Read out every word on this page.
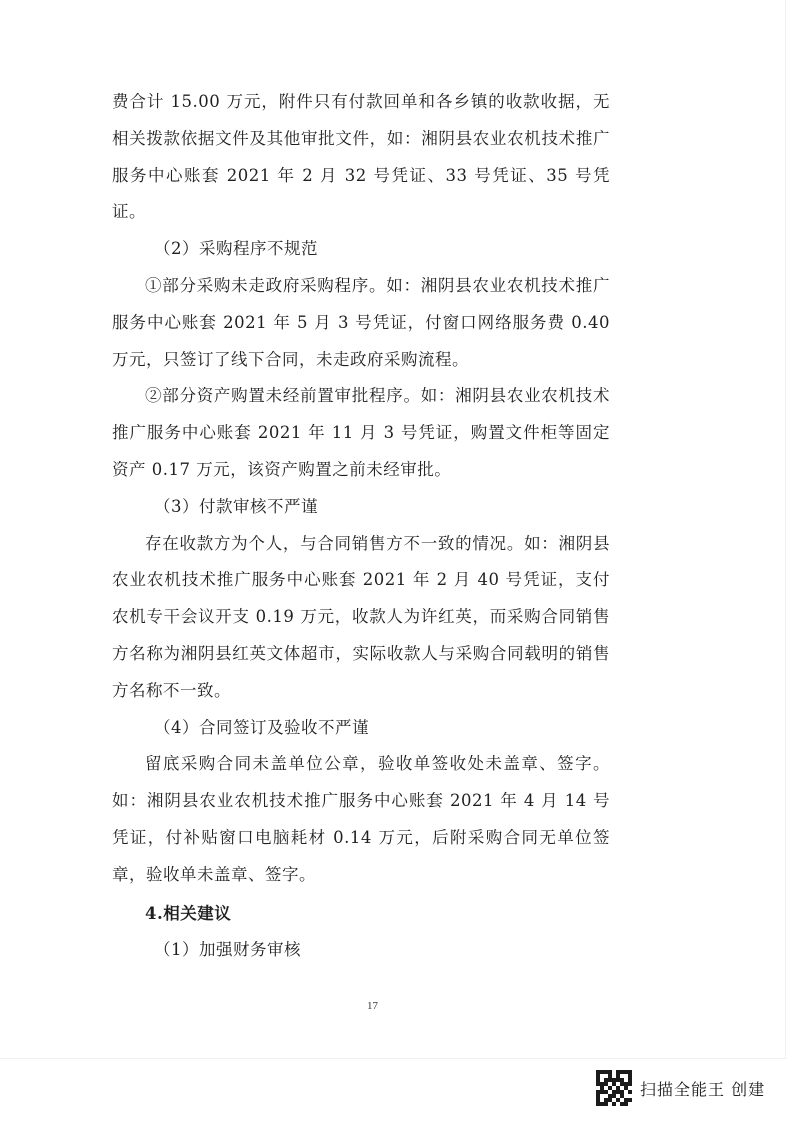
费合计 15.00 万元，附件只有付款回单和各乡镇的收款收据，无相关拨款依据文件及其他审批文件，如：湘阴县农业农机技术推广服务中心账套 2021 年 2 月 32 号凭证、33 号凭证、35 号凭证。

（2）采购程序不规范

①部分采购未走政府采购程序。如：湘阴县农业农机技术推广服务中心账套 2021 年 5 月 3 号凭证，付窗口网络服务费 0.40 万元，只签订了线下合同，未走政府采购流程。

②部分资产购置未经前置审批程序。如：湘阴县农业农机技术推广服务中心账套 2021 年 11 月 3 号凭证，购置文件柜等固定资产 0.17 万元，该资产购置之前未经审批。

（3）付款审核不严谨

存在收款方为个人，与合同销售方不一致的情况。如：湘阴县农业农机技术推广服务中心账套 2021 年 2 月 40 号凭证，支付农机专干会议开支 0.19 万元，收款人为许红英，而采购合同销售方名称为湘阴县红英文体超市，实际收款人与采购合同载明的销售方名称不一致。

（4）合同签订及验收不严谨

留底采购合同未盖单位公章，验收单签收处未盖章、签字。如：湘阴县农业农机技术推广服务中心账套 2021 年 4 月 14 号凭证，付补贴窗口电脑耗材 0.14 万元，后附采购合同无单位签章，验收单未盖章、签字。

4.相关建议

（1）加强财务审核

17
扫描全能王 创建
